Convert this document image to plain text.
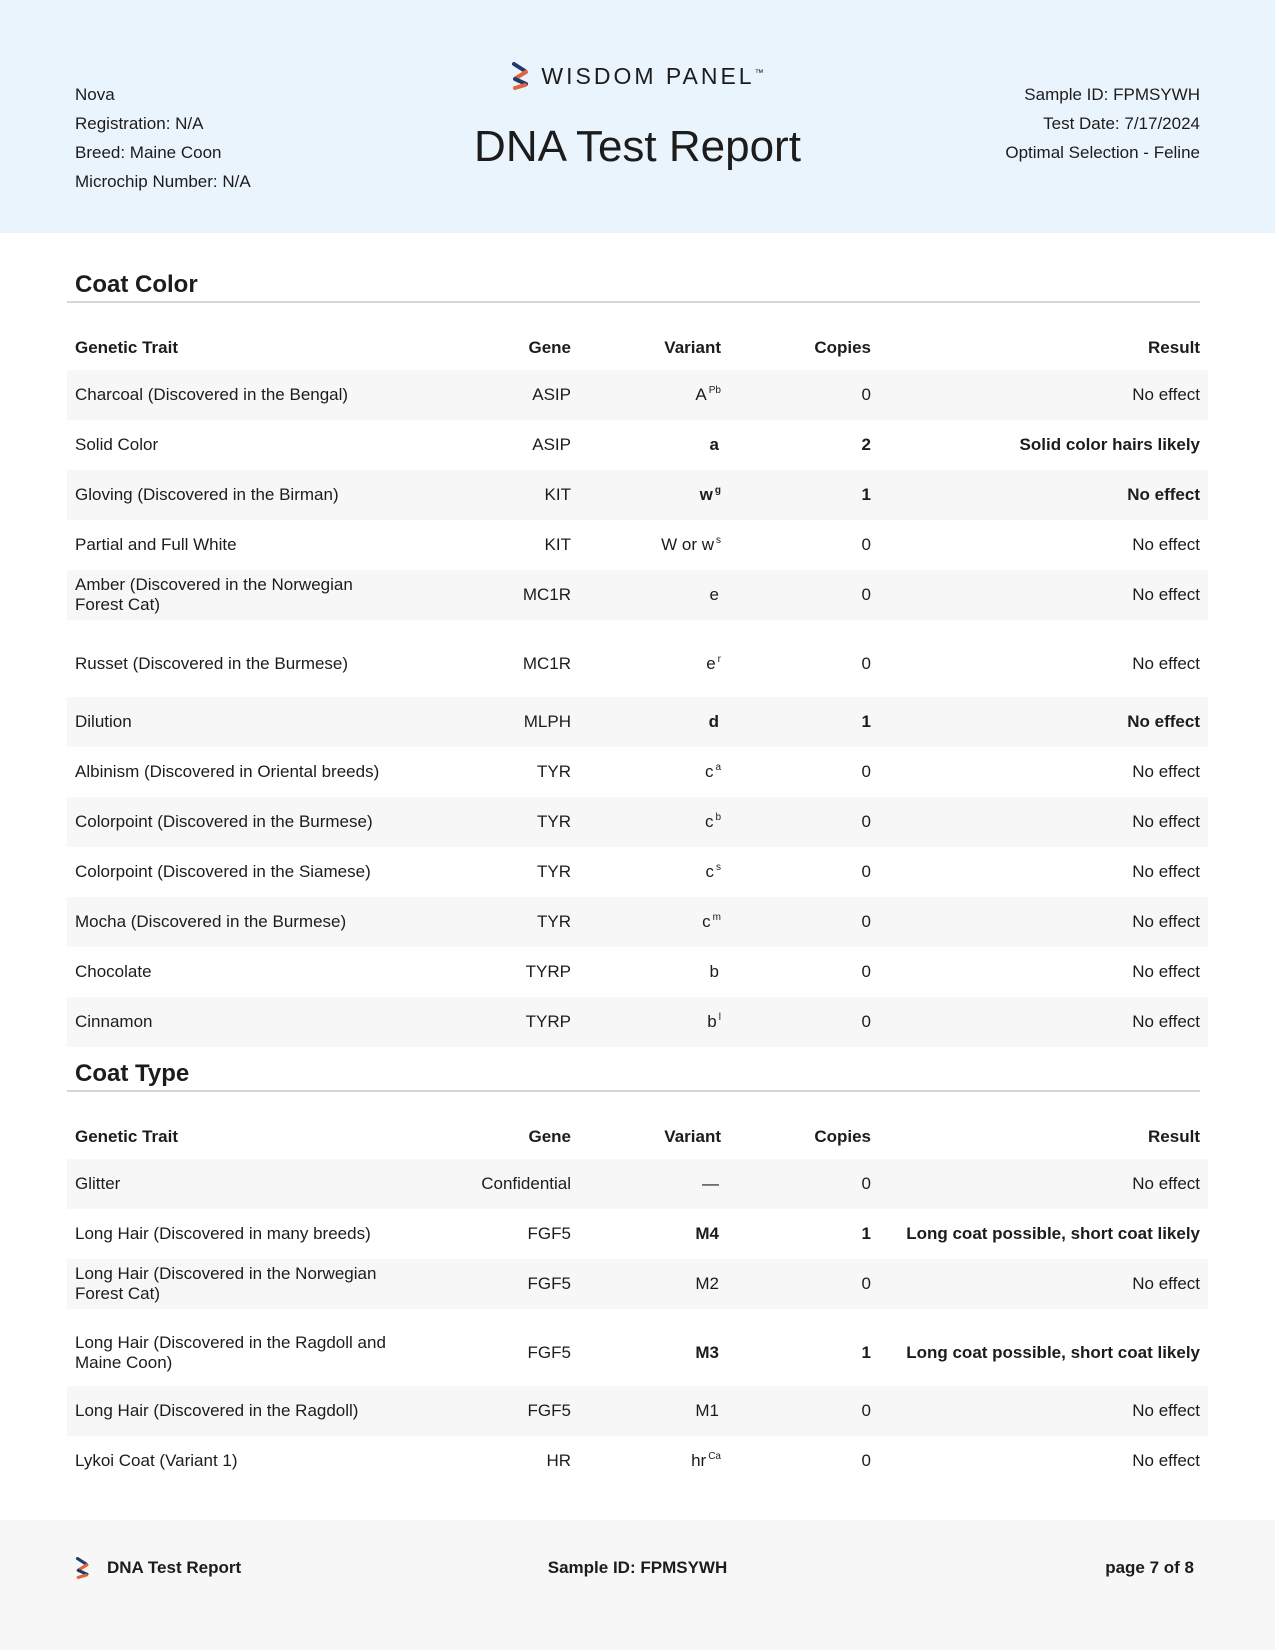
Nova
Registration: N/A
Breed: Maine Coon
Microchip Number: N/A
WISDOM PANEL™
DNA Test Report
Sample ID: FPMSYWH
Test Date: 7/17/2024
Optimal Selection - Feline
Coat Color
Genetic Trait	Gene	Variant	Copies	Result
Charcoal (Discovered in the Bengal)	ASIP	A $^{Pb}$	0	No effect
Solid Color	ASIP	a	2	Solid color hairs likely
Gloving (Discovered in the Birman)	KIT	w $^g$	1	No effect
Partial and Full White	KIT	W or w $^s$	0	No effect
Amber (Discovered in the Norwegian Forest Cat)	MC1R	e	0	No effect
Russet (Discovered in the Burmese)	MC1R	e $^r$	0	No effect
Dilution	MLPH	d	1	No effect
Albinism (Discovered in Oriental breeds)	TYR	c $^a$	0	No effect
Colorpoint (Discovered in the Burmese)	TYR	c $^b$	0	No effect
Colorpoint (Discovered in the Siamese)	TYR	c $^s$	0	No effect
Mocha (Discovered in the Burmese)	TYR	c $^m$	0	No effect
Chocolate	TYRP	b	0	No effect
Cinnamon	TYRP	b $^l$	0	No effect
Coat Type
Genetic Trait	Gene	Variant	Copies	Result
Glitter	Confidential	—	0	No effect
Long Hair (Discovered in many breeds)	FGF5	M4	1	Long coat possible, short coat likely
Long Hair (Discovered in the Norwegian Forest Cat)	FGF5	M2	0	No effect
Long Hair (Discovered in the Ragdoll and Maine Coon)	FGF5	M3	1	Long coat possible, short coat likely
Long Hair (Discovered in the Ragdoll)	FGF5	M1	0	No effect
Lykoi Coat (Variant 1)	HR	hr $^{Ca}$	0	No effect
DNA Test Report	Sample ID: FPMSYWH	page 7 of 8
